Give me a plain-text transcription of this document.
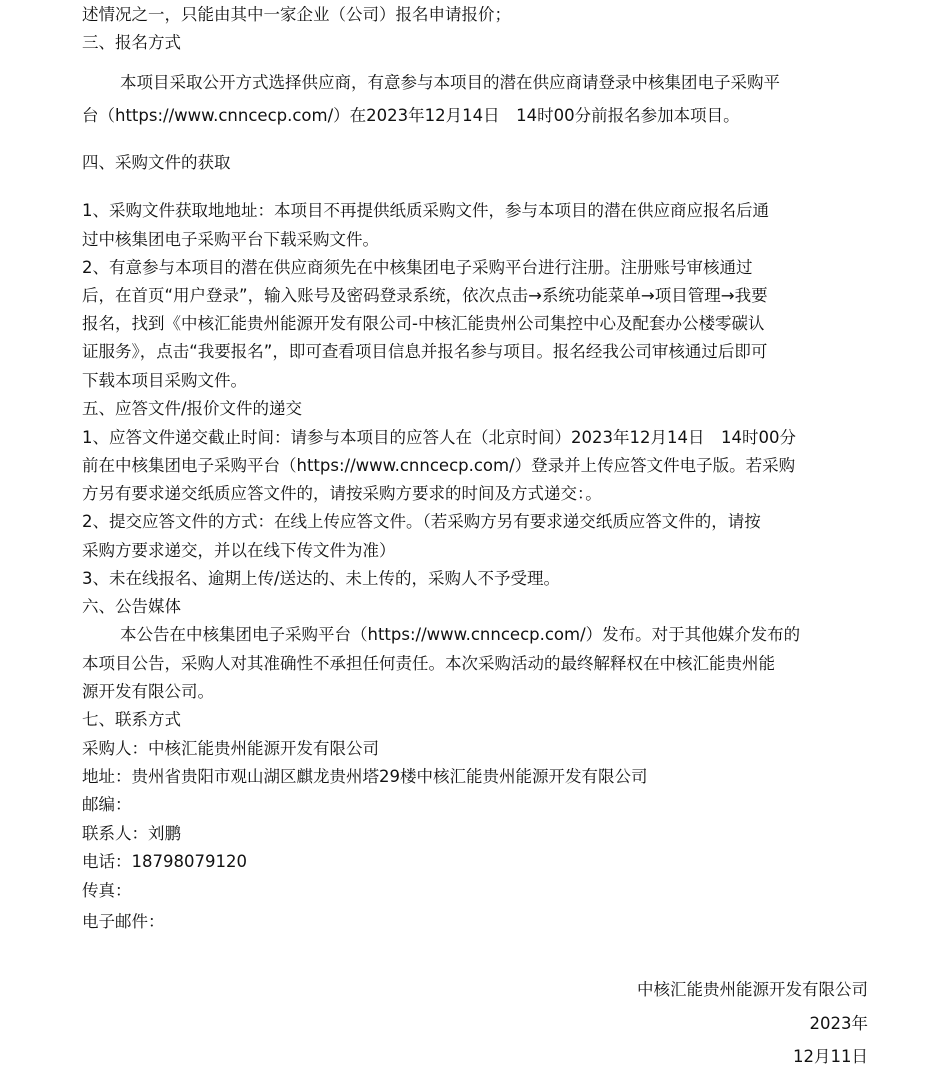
述情况之一，只能由其中一家企业（公司）报名申请报价；
三、报名方式
本项目采取公开方式选择供应商，有意参与本项目的潜在供应商请登录中核集团电子采购平
台（https://www.cnncecp.com/）在2023年12月14日　14时00分前报名参加本项目。
四、采购文件的获取
1、采购文件获取地地址：本项目不再提供纸质采购文件，参与本项目的潜在供应商应报名后通
过中核集团电子采购平台下载采购文件。
2、有意参与本项目的潜在供应商须先在中核集团电子采购平台进行注册。注册账号审核通过
后，在首页“用户登录”，输入账号及密码登录系统，依次点击→系统功能菜单→项目管理→我要
报名，找到《中核汇能贵州能源开发有限公司-中核汇能贵州公司集控中心及配套办公楼零碳认
证服务》，点击“我要报名”，即可查看项目信息并报名参与项目。报名经我公司审核通过后即可
下载本项目采购文件。
五、应答文件/报价文件的递交
1、应答文件递交截止时间：请参与本项目的应答人在（北京时间）2023年12月14日　14时00分
前在中核集团电子采购平台（https://www.cnncecp.com/）登录并上传应答文件电子版。若采购
方另有要求递交纸质应答文件的，请按采购方要求的时间及方式递交：。
2、提交应答文件的方式：在线上传应答文件。（若采购方另有要求递交纸质应答文件的，请按
采购方要求递交，并以在线下传文件为准）
3、未在线报名、逾期上传/送达的、未上传的，采购人不予受理。
六、公告媒体
本公告在中核集团电子采购平台（https://www.cnncecp.com/）发布。对于其他媒介发布的
本项目公告，采购人对其准确性不承担任何责任。本次采购活动的最终解释权在中核汇能贵州能
源开发有限公司。
七、联系方式
采购人：中核汇能贵州能源开发有限公司
地址：贵州省贵阳市观山湖区麒龙贵州塔29楼中核汇能贵州能源开发有限公司
邮编：
联系人：刘鹏
电话：18798079120
传真：
电子邮件：
中核汇能贵州能源开发有限公司
2023年
12月11日
